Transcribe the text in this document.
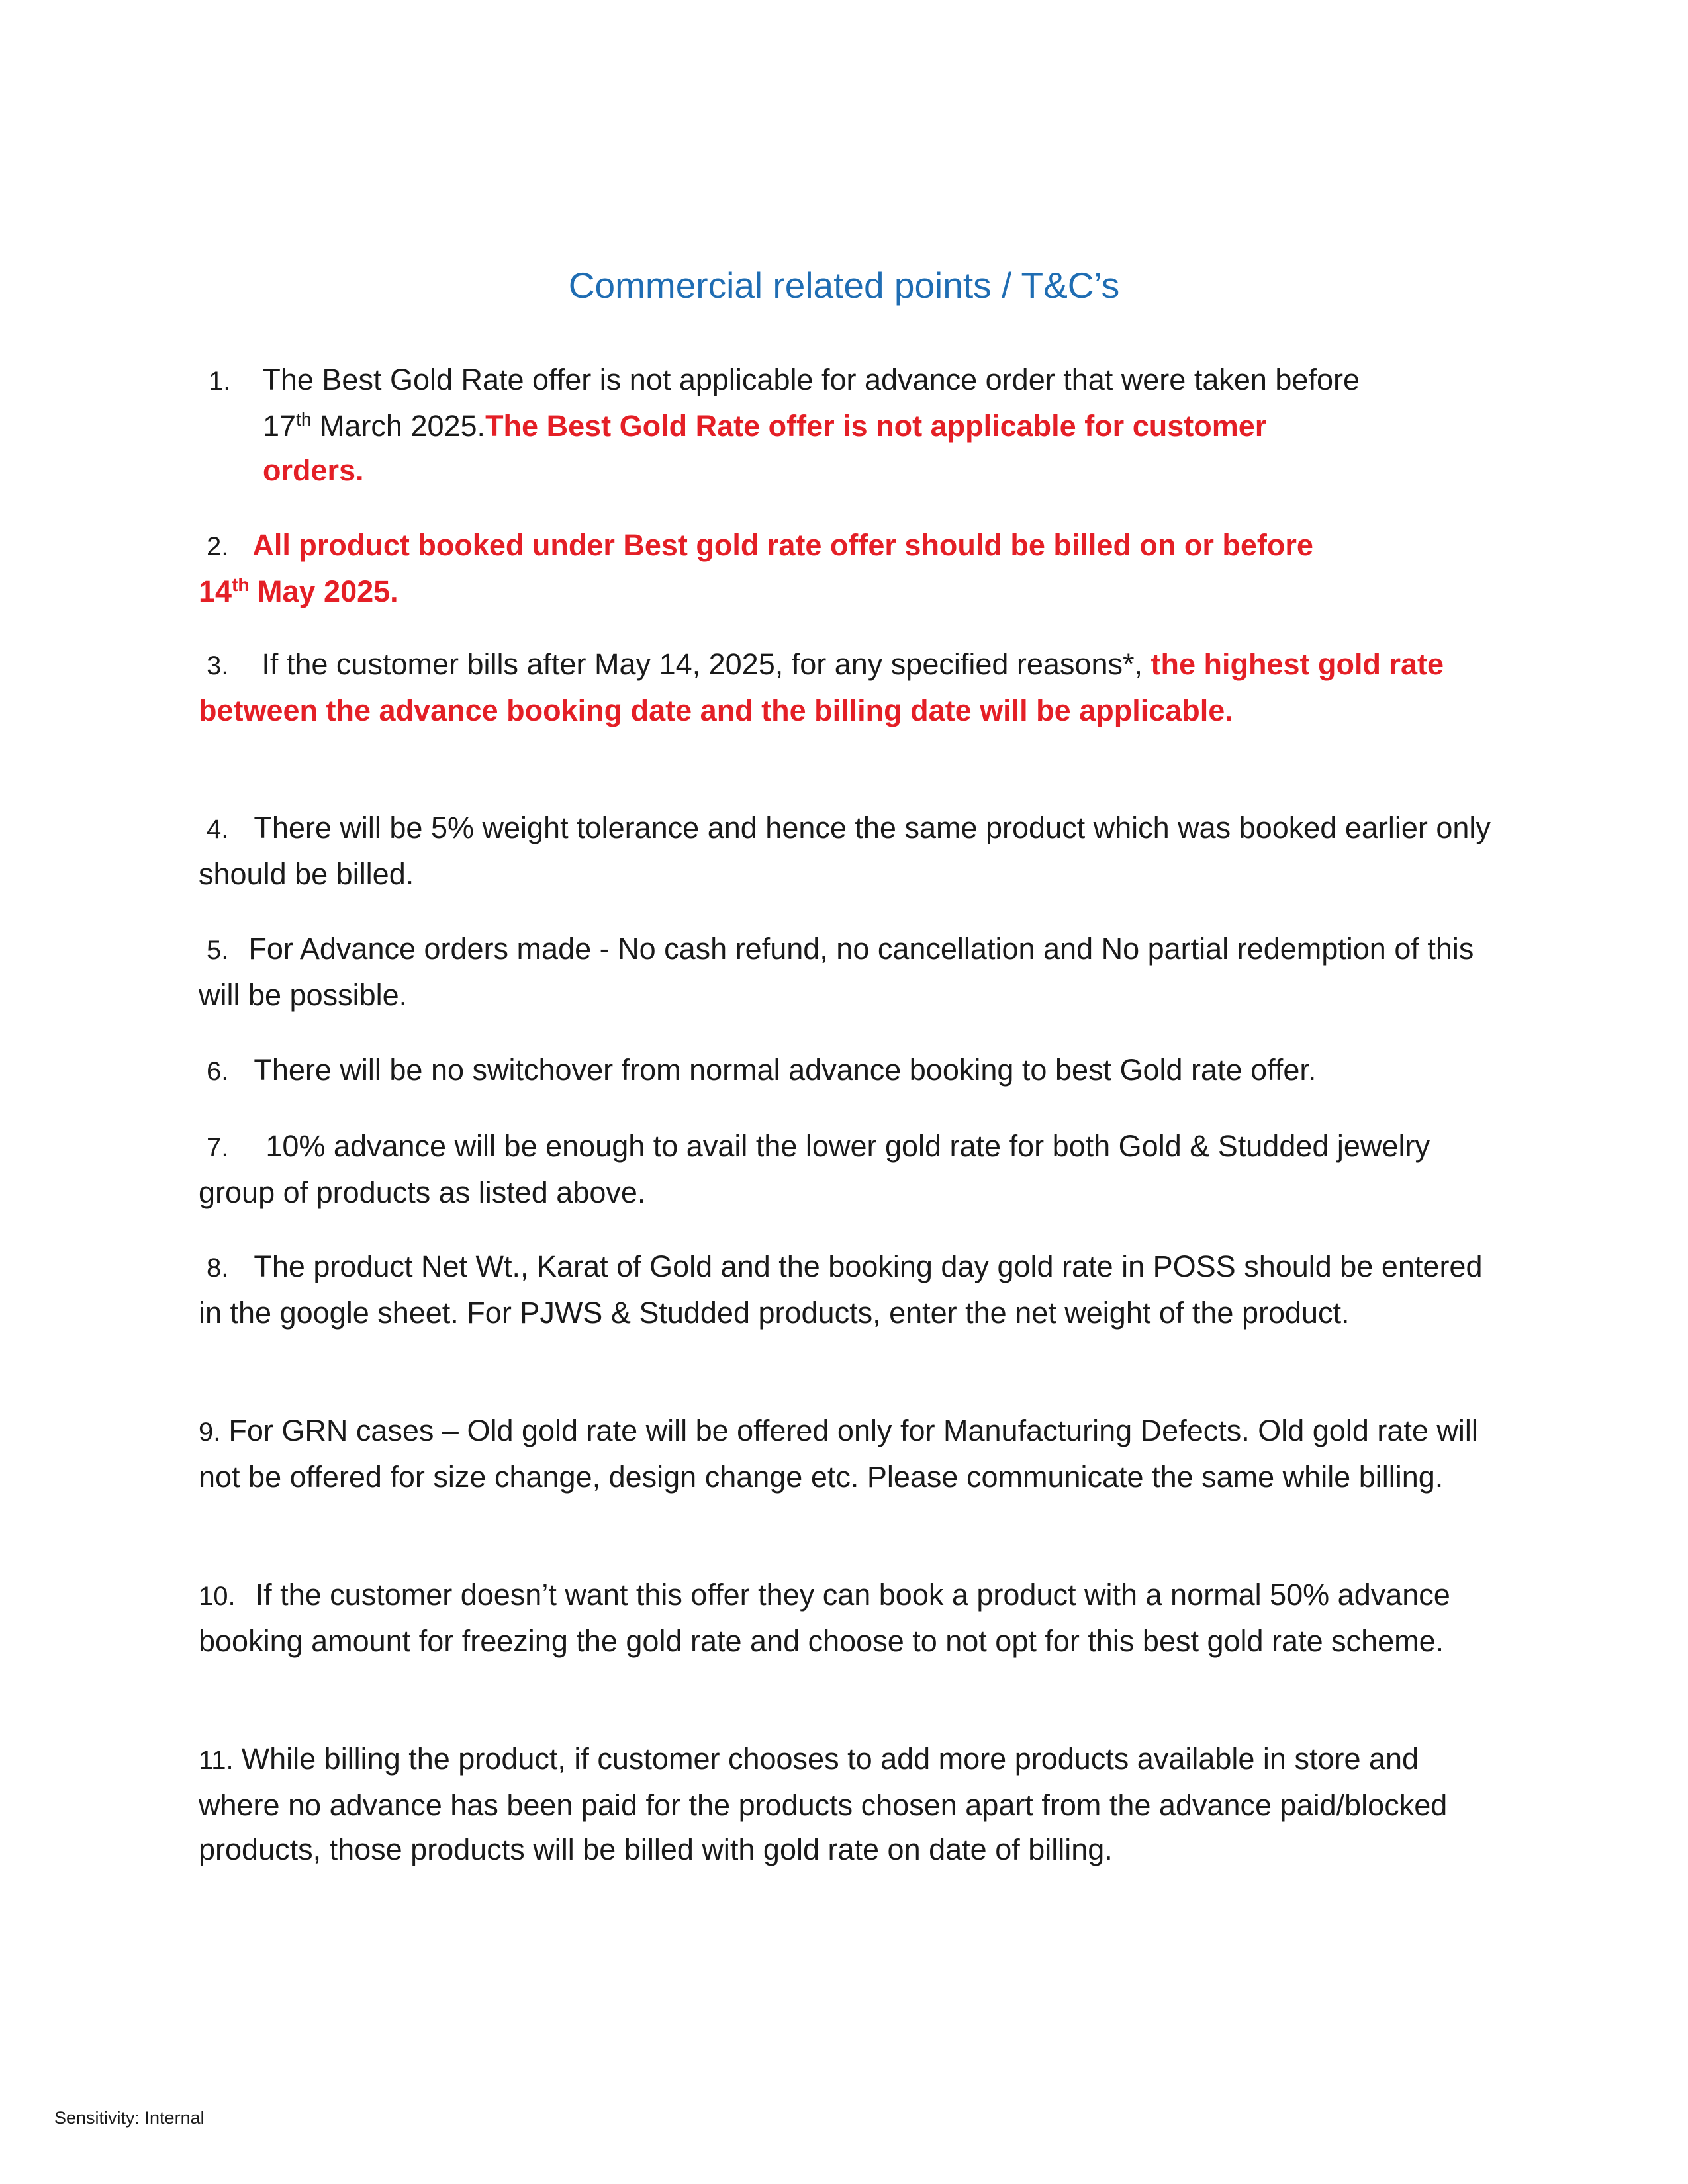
Commercial related points / T&C’s
1. The Best Gold Rate offer is not applicable for advance order that were taken before
17th March 2025.The Best Gold Rate offer is not applicable for customer
orders.
2. All product booked under Best gold rate offer should be billed on or before
14th May 2025.
3. If the customer bills after May 14, 2025, for any specified reasons*, the highest gold rate between the advance booking date and the billing date will be applicable.
4. There will be 5% weight tolerance and hence the same product which was booked earlier only should be billed.
5. For Advance orders made - No cash refund, no cancellation and No partial redemption of this will be possible.
6. There will be no switchover from normal advance booking to best Gold rate offer.
7. 10% advance will be enough to avail the lower gold rate for both Gold & Studded jewelry group of products as listed above.
8. The product Net Wt., Karat of Gold and the booking day gold rate in POSS should be entered in the google sheet. For PJWS & Studded products, enter the net weight of the product.
9. For GRN cases – Old gold rate will be offered only for Manufacturing Defects. Old gold rate will not be offered for size change, design change etc. Please communicate the same while billing.
10. If the customer doesn’t want this offer they can book a product with a normal 50% advance booking amount for freezing the gold rate and choose to not opt for this best gold rate scheme.
11. While billing the product, if customer chooses to add more products available in store and where no advance has been paid for the products chosen apart from the advance paid/blocked products, those products will be billed with gold rate on date of billing.
Sensitivity: Internal
